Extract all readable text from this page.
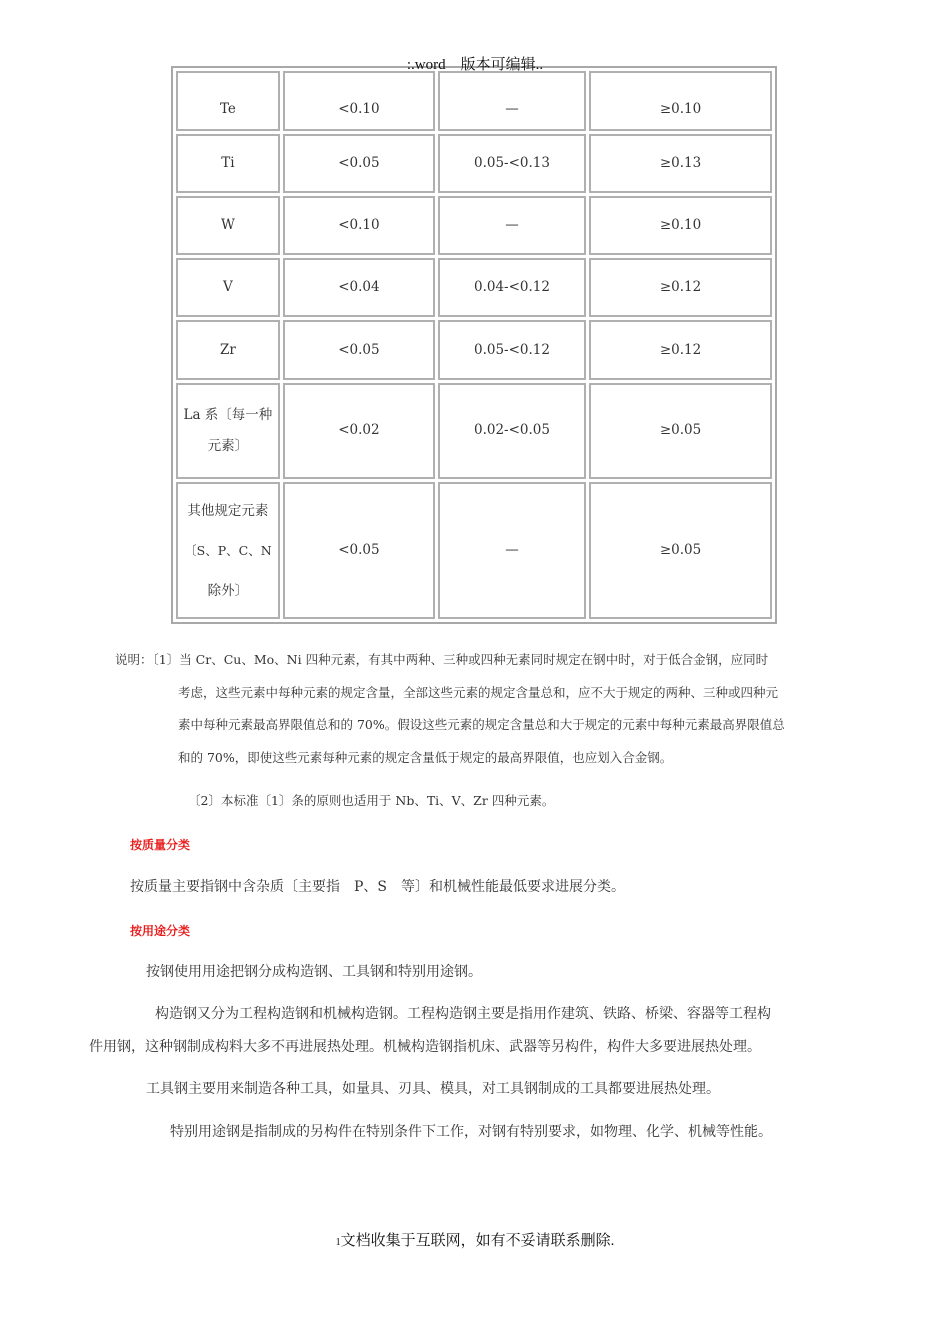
:.word　版本可编辑..
Te	<0.10	—	≥0.10
Ti	<0.05	0.05-<0.13	≥0.13
W	<0.10	—	≥0.10
V	<0.04	0.04-<0.12	≥0.12
Zr	<0.05	0.05-<0.12	≥0.12

La 系〔每一种
元素〕	<0.02	0.02-<0.05	≥0.05

其他规定元素
〔S、P、C、N
除外〕	<0.05	—	≥0.05
说明：〔1〕当 Cr、Cu、Mo、Ni 四种元素，有其中两种、三种或四种无素同时规定在钢中时，对于低合金钢，应同时
考虑，这些元素中每种元素的规定含量，全部这些元素的规定含量总和，应不大于规定的两种、三种或四种元
素中每种元素最高界限值总和的 70%。假设这些元素的规定含量总和大于规定的元素中每种元素最高界限值总
和的 70%，即使这些元素每种元素的规定含量低于规定的最高界限值，也应划入合金钢。
〔2〕本标准〔1〕条的原则也适用于 Nb、Ti、V、Zr 四种元素。
按质量分类
按质量主要指钢中含杂质〔主要指　P、S　等〕和机械性能最低要求进展分类。
按用途分类
按钢使用用途把钢分成构造钢、工具钢和特别用途钢。
构造钢又分为工程构造钢和机械构造钢。工程构造钢主要是指用作建筑、铁路、桥梁、容器等工程构
件用钢，这种钢制成构料大多不再进展热处理。机械构造钢指机床、武器等另构件，构件大多要进展热处理。
工具钢主要用来制造各种工具，如量具、刃具、模具，对工具钢制成的工具都要进展热处理。
特别用途钢是指制成的另构件在特别条件下工作，对钢有特别要求，如物理、化学、机械等性能。
1文档收集于互联网，如有不妥请联系删除.
